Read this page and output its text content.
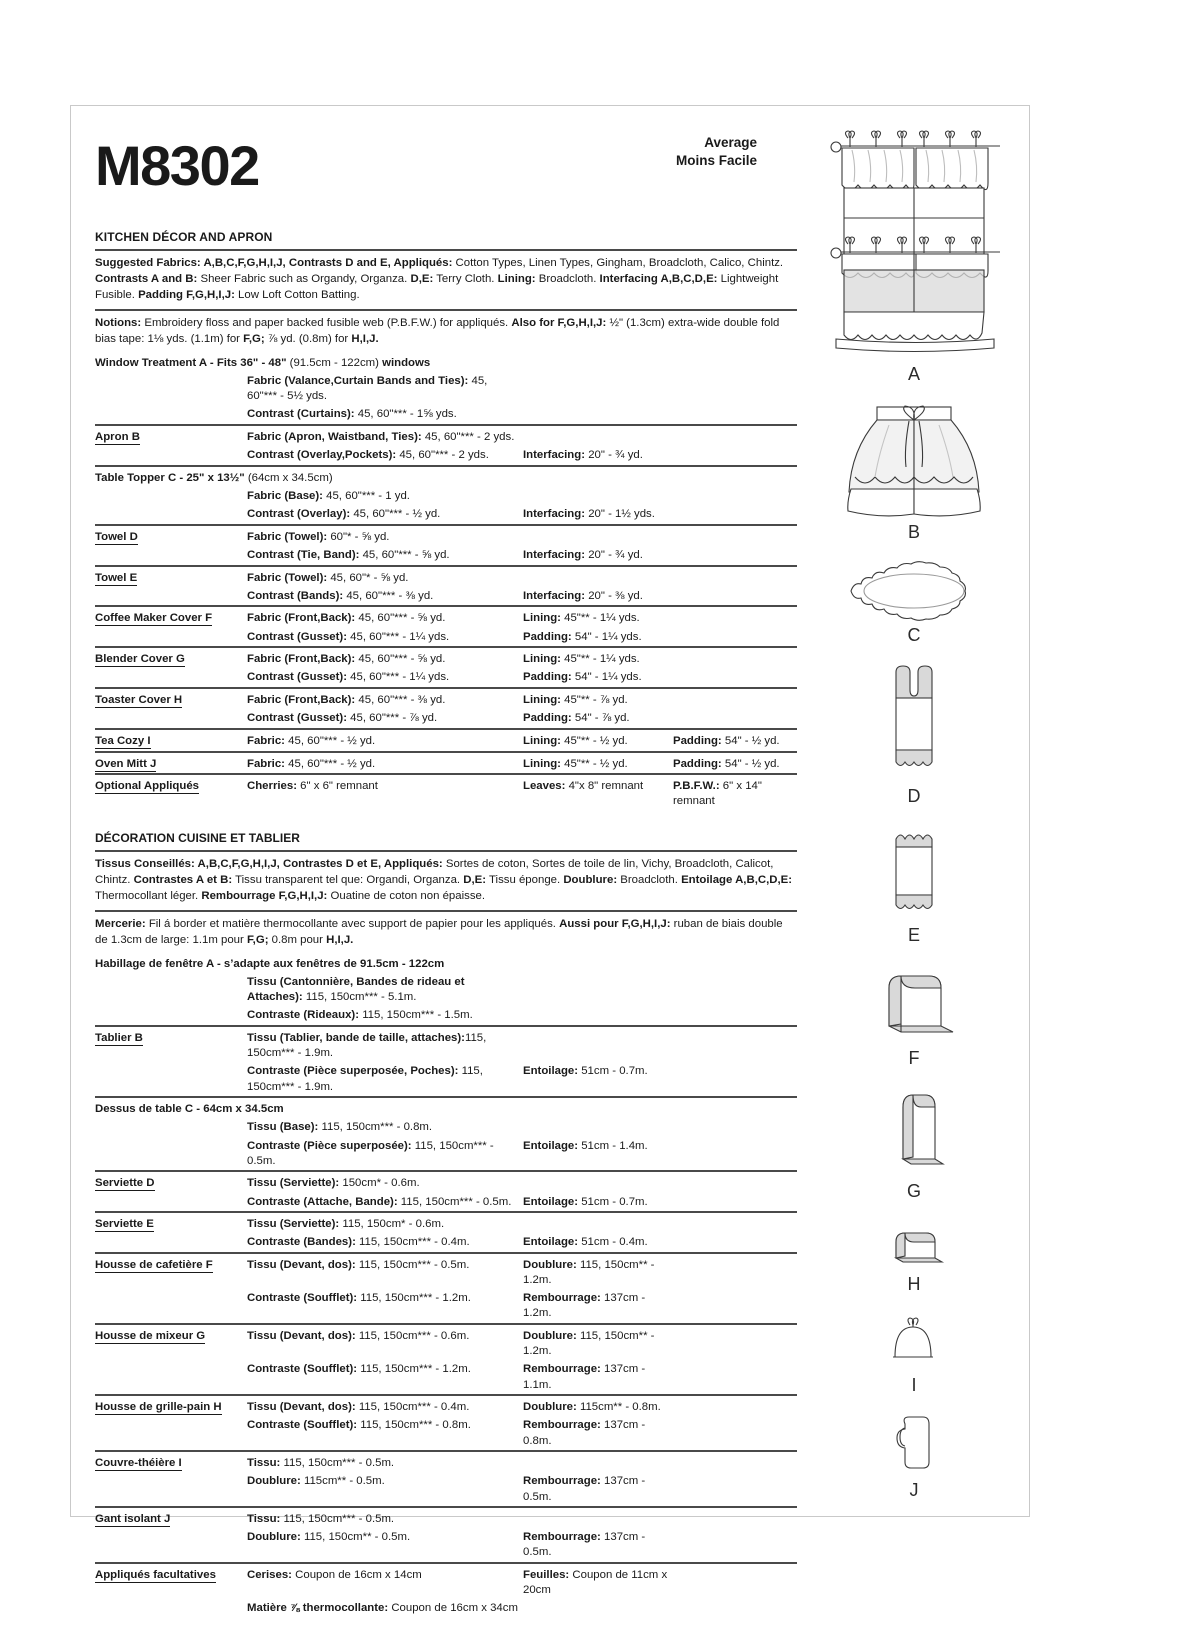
M8302
KITCHEN DÉCOR AND APRON
Suggested Fabrics: A,B,C,F,G,H,I,J, Contrasts D and E, Appliqués: Cotton Types, Linen Types, Gingham, Broadcloth, Calico, Chintz. Contrasts A and B: Sheer Fabric such as Organdy, Organza. D,E: Terry Cloth. Lining: Broadcloth. Interfacing A,B,C,D,E: Lightweight Fusible. Padding F,G,H,I,J: Low Loft Cotton Batting.
Notions: Embroidery floss and paper backed fusible web (P.B.F.W.) for appliqués. Also for F,G,H,I,J: ½" (1.3cm) extra-wide double fold bias tape: 1⅛ yds. (1.1m) for F,G; ⅞ yd. (0.8m) for H,I,J.
Window Treatment A - Fits 36" - 48" (91.5cm - 122cm) windows			
	Fabric (Valance,Curtain Bands and Ties): 45, 60"*** - 5½ yds.		
	Contrast (Curtains): 45, 60"*** - 1⅝ yds.		
Apron B	Fabric (Apron, Waistband, Ties): 45, 60"*** - 2 yds.		
	Contrast (Overlay,Pockets): 45, 60"*** - 2 yds.	Interfacing: 20" - ¾ yd.	
Table Topper C - 25" x 13½" (64cm x 34.5cm)			
	Fabric (Base): 45, 60"*** - 1 yd.		
	Contrast (Overlay): 45, 60"*** - ½ yd.	Interfacing: 20" - 1½ yds.	
Towel D	Fabric (Towel): 60"* - ⅝ yd.		
	Contrast (Tie, Band): 45, 60"*** - ⅝ yd.	Interfacing: 20" - ¾ yd.	
Towel E	Fabric (Towel): 45, 60"* - ⅝ yd.		
	Contrast (Bands): 45, 60"*** - ⅜ yd.	Interfacing: 20" - ⅜ yd.	
Coffee Maker Cover F	Fabric (Front,Back): 45, 60"*** - ⅝ yd.	Lining: 45"** - 1¼ yds.	
	Contrast (Gusset): 45, 60"*** - 1¼ yds.	Padding: 54" - 1¼ yds.	
Blender Cover G	Fabric (Front,Back): 45, 60"*** - ⅝ yd.	Lining: 45"** - 1¼ yds.	
	Contrast (Gusset): 45, 60"*** - 1¼ yds.	Padding: 54" - 1¼ yds.	
Toaster Cover H	Fabric (Front,Back): 45, 60"*** - ⅜ yd.	Lining: 45"** - ⅞ yd.	
	Contrast (Gusset): 45, 60"*** - ⅞ yd.	Padding: 54" - ⅞ yd.	
Tea Cozy I	Fabric: 45, 60"*** - ½ yd.	Lining: 45"** - ½ yd.	Padding: 54" - ½ yd.
Oven Mitt J	Fabric: 45, 60"*** - ½ yd.	Lining: 45"** - ½ yd.	Padding: 54" - ½ yd.
Optional Appliqués	Cherries: 6" x 6" remnant	Leaves: 4"x 8" remnant	P.B.F.W.: 6" x 14" remnant
DÉCORATION CUISINE ET TABLIER
Tissus Conseillés: A,B,C,F,G,H,I,J, Contrastes D et E, Appliqués: Sortes de coton, Sortes de toile de lin, Vichy, Broadcloth, Calicot, Chintz. Contrastes A et B: Tissu transparent tel que: Organdi, Organza. D,E: Tissu éponge. Doublure: Broadcloth. Entoilage A,B,C,D,E: Thermocollant léger. Rembourrage F,G,H,I,J: Ouatine de coton non épaisse.
Mercerie: Fil á border et matière thermocollante avec support de papier pour les appliqués. Aussi pour F,G,H,I,J: ruban de biais double de 1.3cm de large: 1.1m pour F,G; 0.8m pour H,I,J.
Habillage de fenêtre A - s’adapte aux fenêtres de 91.5cm - 122cm			
	Tissu (Cantonnière, Bandes de rideau et Attaches): 115, 150cm*** - 5.1m.		
	Contraste (Rideaux): 115, 150cm*** - 1.5m.		
Tablier B	Tissu (Tablier, bande de taille, attaches):115, 150cm*** - 1.9m.		
	Contraste (Pièce superposée, Poches): 115, 150cm*** - 1.9m.	Entoilage: 51cm - 0.7m.	
Dessus de table C - 64cm x 34.5cm			
	Tissu (Base): 115, 150cm*** - 0.8m.		
	Contraste (Pièce superposée): 115, 150cm*** - 0.5m.	Entoilage: 51cm - 1.4m.	
Serviette D	Tissu (Serviette): 150cm* - 0.6m.		
	Contraste (Attache, Bande): 115, 150cm*** - 0.5m.	Entoilage: 51cm - 0.7m.	
Serviette E	Tissu (Serviette): 115, 150cm* - 0.6m.		
	Contraste (Bandes): 115, 150cm*** - 0.4m.	Entoilage: 51cm - 0.4m.	
Housse de cafetière F	Tissu (Devant, dos): 115, 150cm*** - 0.5m.	Doublure: 115, 150cm** - 1.2m.	
	Contraste (Soufflet): 115, 150cm*** - 1.2m.	Rembourrage: 137cm - 1.2m.	
Housse de mixeur G	Tissu (Devant, dos): 115, 150cm*** - 0.6m.	Doublure: 115, 150cm** - 1.2m.	
	Contraste (Soufflet): 115, 150cm*** - 1.2m.	Rembourrage: 137cm - 1.1m.	
Housse de grille-pain H	Tissu (Devant, dos): 115, 150cm*** - 0.4m.	Doublure: 115cm** - 0.8m.	
	Contraste (Soufflet): 115, 150cm*** - 0.8m.	Rembourrage: 137cm - 0.8m.	
Couvre-théière I	Tissu: 115, 150cm*** - 0.5m.		
	Doublure: 115cm** - 0.5m.	Rembourrage: 137cm - 0.5m.	
Gant isolant J	Tissu: 115, 150cm*** - 0.5m.		
	Doublure: 115, 150cm** - 0.5m.	Rembourrage: 137cm - 0.5m.	
Appliqués facultatives	Cerises: Coupon de 16cm x 14cm	Feuilles: Coupon de 11cm x 20cm	
	Matière ⅞ thermocollante: Coupon de 16cm x 34cm		
Average
Moins Facile
A
B
C
D
E
F
G
H
I
J
